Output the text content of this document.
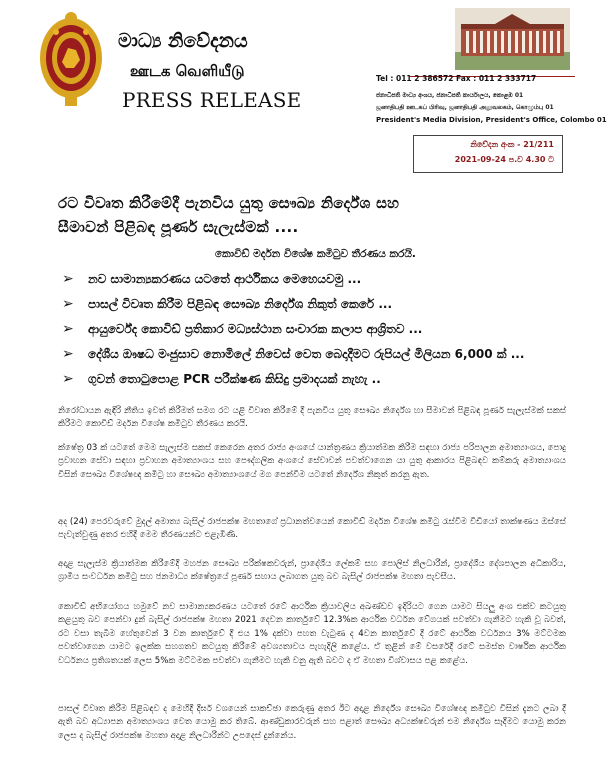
මාධ්‍ය නිවේදනය
ஊடக வெளியீடு
PRESS RELEASE
Tel : 011 2 386572 Fax : 011 2 333717
ජනාධිපති මාධ්‍ය අංශය, ජනාධිපති කාර්යාලය, කොළඹ 01
ஜனாதிபதி ஊடகப் பிரிவு, ஜனாதிபதி அலுவலகம், கொழும்பு 01
President's Media Division, President's Office, Colombo 01
නිවේදන අංක - 21/211
2021-09-24 ප.ව 4.30 ට
රට විවෘත කිරීමේදී පැනවිය යුතු සෞඛ්‍ය නිර්දේශ සහ
සීමාවන් පිළිබඳ පූර්ණ සැලැස්මක් ....
කොවිඩ් මර්දන විශේෂ කමිටුව තීරණය කරයි.
➢ නව සාමාන්‍යකරණය යටතේ ආර්ථිකය මෙහෙයවමු ...
➢ පාසල් විවෘත කිරීම පිළිබඳ සෞඛ්‍ය නිර්දේශ නිකුත් කෙරේ ...
➢ ආයුර්වේද කොවිඩ් ප්‍රතිකාර මධ්‍යස්ථාන සංචාරක කලාප ආශ්‍රිතව ...
➢ දේශීය ඖෂධ මංජුසාව නොමිලේ නිවෙස් වෙත බෙදාදීමට රුපියල් මිලියන 6,000 ක් ...
➢ ගුවන් තොටුපොළ PCR පරීක්ෂණ කිසිදු ප්‍රමාදයක් නැහැ ..

නිරෝධායන ඇඳිරි නීතිය ඉවත් කිරීමත් සමග රට යළි විවෘත කිරීමේ දී පැනවිය යුතු සෞඛ්‍ය නිර්දේශ හා සීමාවන් පිළිබඳ පූර්ණ සැලැස්මක් සකස් කිරීමට කොවිඩ් මර්දන විශේෂ කමිටුව තීරණය කරයි.

ක්ෂේත්‍ර 03 ක් යටතේ මෙම සැලැස්ම සකස් කෙරෙන අතර රාජ්‍ය අංශයේ යාන්ත්‍රණය ක්‍රියාත්මක කිරීම සඳහා රාජ්‍ය පරිපාලන අමාත්‍යාංශය, පොදු ප්‍රවාහන සේවා සඳහා ප්‍රවාහන අමාත්‍යාංශය සහ පෞද්ගලික අංශයේ සේවාවන් පවත්වාගෙන යා යුතු ආකාරය පිළිබඳව කම්කරු අමාත්‍යාංශය විසින් සෞඛ්‍ය විශේෂඥ කමිටු හා සෞඛ්‍ය අමාත්‍යාංශයේ මග පෙන්වීම යටතේ නිර්දේශ නිකුත් කරනු ඇත.

අද (24) පෙරවරුවේ මුදල් අමාත්‍ය බැසිල් රාජපක්ෂ මහතාගේ ප්‍රධානත්වයෙන් කොවිඩ් මර්දන විශේෂ කමිටු රැස්වීම වීඩියෝ තාක්ෂණය ඔස්සේ පැවැත්වුණු අතර එහිදී මෙම තීරණයන්ට එළැඹිණි.

අදාළ සැලැස්ම ක්‍රියාත්මක කිරීමේදී මහජන සෞඛ්‍ය පරීක්ෂකවරුන්, ප්‍රාදේශීය ලේකම් සහ පොලිස් නිලධාරීන්, ප්‍රාදේශීය දේශපාලන අධිකාරිය, ග්‍රාමීය සංවර්ධන කමිටු සහ ජනමාධ්‍ය ක්ෂේත්‍රයේ පූර්ණ සහාය ලබාගත යුතු බව බැසිල් රාජපක්ෂ මහතා පැවසීය.

කොවිඩ් අභියෝගය හමුවේ නව සාමාන්‍යකරණය යටතේ රටේ ආර්ථික ක්‍රියාවලිය අඛණ්ඩව ඉදිරියට ගෙන යාමට සියලු අංශ එක්ව කටයුතු කළයුතු බව පෙන්වා දුන් බැසිල් රාජපක්ෂ මහතා 2021 දෙවන කාර්තුවේ 12.3%ක ආර්ථික වර්ධන වේගයක් පවත්වා ගැනීමට හැකි වූ බවත්, රට වසා තැබීම හේතුවෙන් 3 වන කාර්තුවේ දී එය 1% දක්වා පහත වැටුණ ද 4වන කාර්තුවේ දී රටේ ආර්ථික වර්ධනය 3% මට්ටමක පවත්වාගෙන යාමට ඉලක්ක සහගතව කටයුතු කිරීමේ අවශ්‍යතාවය පැහැදිලි කළේය. ඒ තුළින් මේ වසරේදී රටේ සමස්ත වාර්ෂික ආර්ථික වර්ධනය ප්‍රතිශතයක් ලෙස 5%ක මට්ටමක පවත්වා ගැනීමට හැකි වනු ඇති බවට ද ඒ මහතා විශ්වාසය පළ කළේය.

පාසල් විවෘත කිරීම පිළිබඳව ද මෙහිදී දීර්ඝ වශයෙන් සාකච්ඡා කෙරුණු අතර ඊට අදාළ නිර්දේශ සෞඛ්‍ය විශේෂඥ කමිටුව විසින් දැනට ලබා දී ඇති බව අධ්‍යාපන අමාත්‍යාංශය වෙත යොමු කර තිබේ. ආණ්ඩුකාරවරුන් සහ පළාත් සෞඛ්‍ය අධ්‍යක්ෂවරුන් එම නිර්දේශ සෑදීමට යොමු කරන ලෙස ද බැසිල් රාජපක්ෂ මහතා අදාළ නිලධාරීන්ට උපදෙස් දුන්නේය.
